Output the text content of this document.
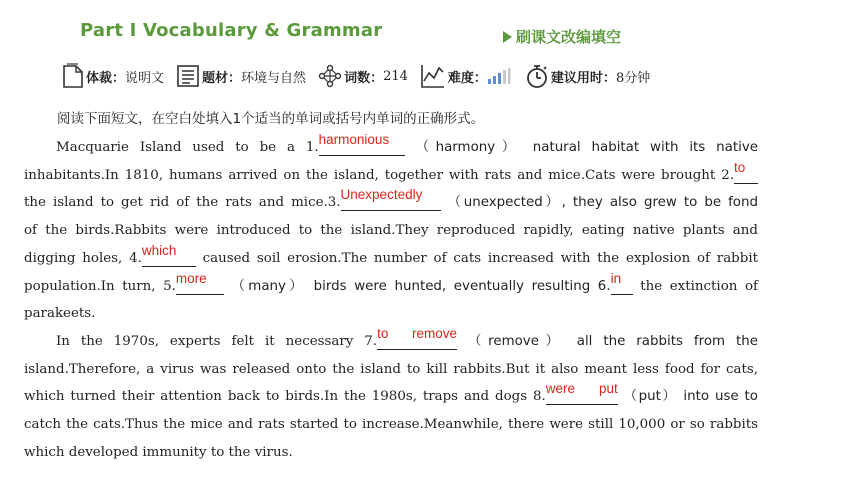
Part Ⅰ Vocabulary & Grammar	刷课文改编填空
体裁： 说明文	题材： 环境与自然	词数： 214	难度：	建议用时： 8分钟
阅读下面短文，在空白处填入1个适当的单词或括号内单词的正确形式。

Macquarie Island used to be a 1.harmonious （harmony） natural habitat with its native
inhabitants.In 1810, humans arrived on the island, together with rats and mice.Cats were brought 2.to
the island to get rid of the rats and mice.3.Unexpectedly （unexpected）, they also grew to be fond
of the birds.Rabbits were introduced to the island.They reproduced rapidly, eating native plants and
digging holes, 4.which caused soil erosion.The number of cats increased with the explosion of rabbit
population.In turn, 5.more （many） birds were hunted, eventually resulting 6.in the extinction of
parakeets.

In the 1970s, experts felt it necessary 7.to remove （remove） all the rabbits from the
island.Therefore, a virus was released onto the island to kill rabbits.But it also meant less food for cats,
which turned their attention back to birds.In the 1980s, traps and dogs 8.were put （put） into use to
catch the cats.Thus the mice and rats started to increase.Meanwhile, there were still 10,000 or so rabbits
which developed immunity to the virus.
